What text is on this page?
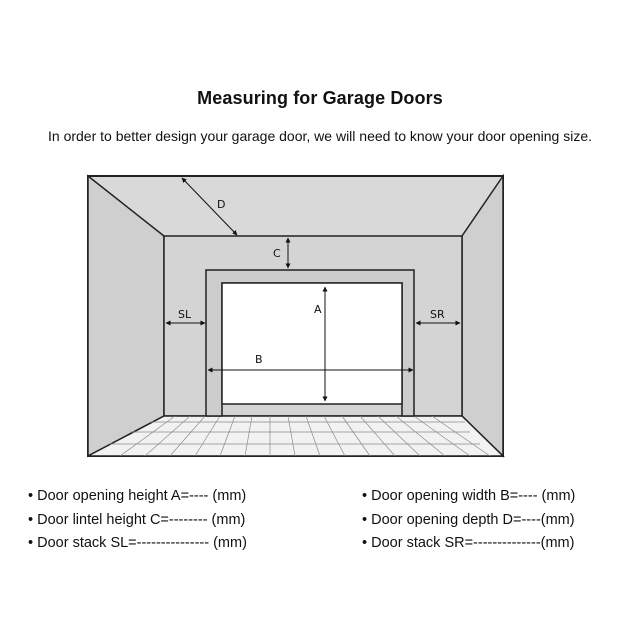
Measuring for Garage Doors
In order to better design your garage door, we will need to know your door opening size.
A
B
C
D
SL	SR
• Door opening height A=---- (mm)
• Door lintel height C=-------- (mm)
• Door stack SL=--------------- (mm)
• Door opening width B=---- (mm)
• Door opening depth D=----(mm)
• Door stack SR=--------------(mm)
